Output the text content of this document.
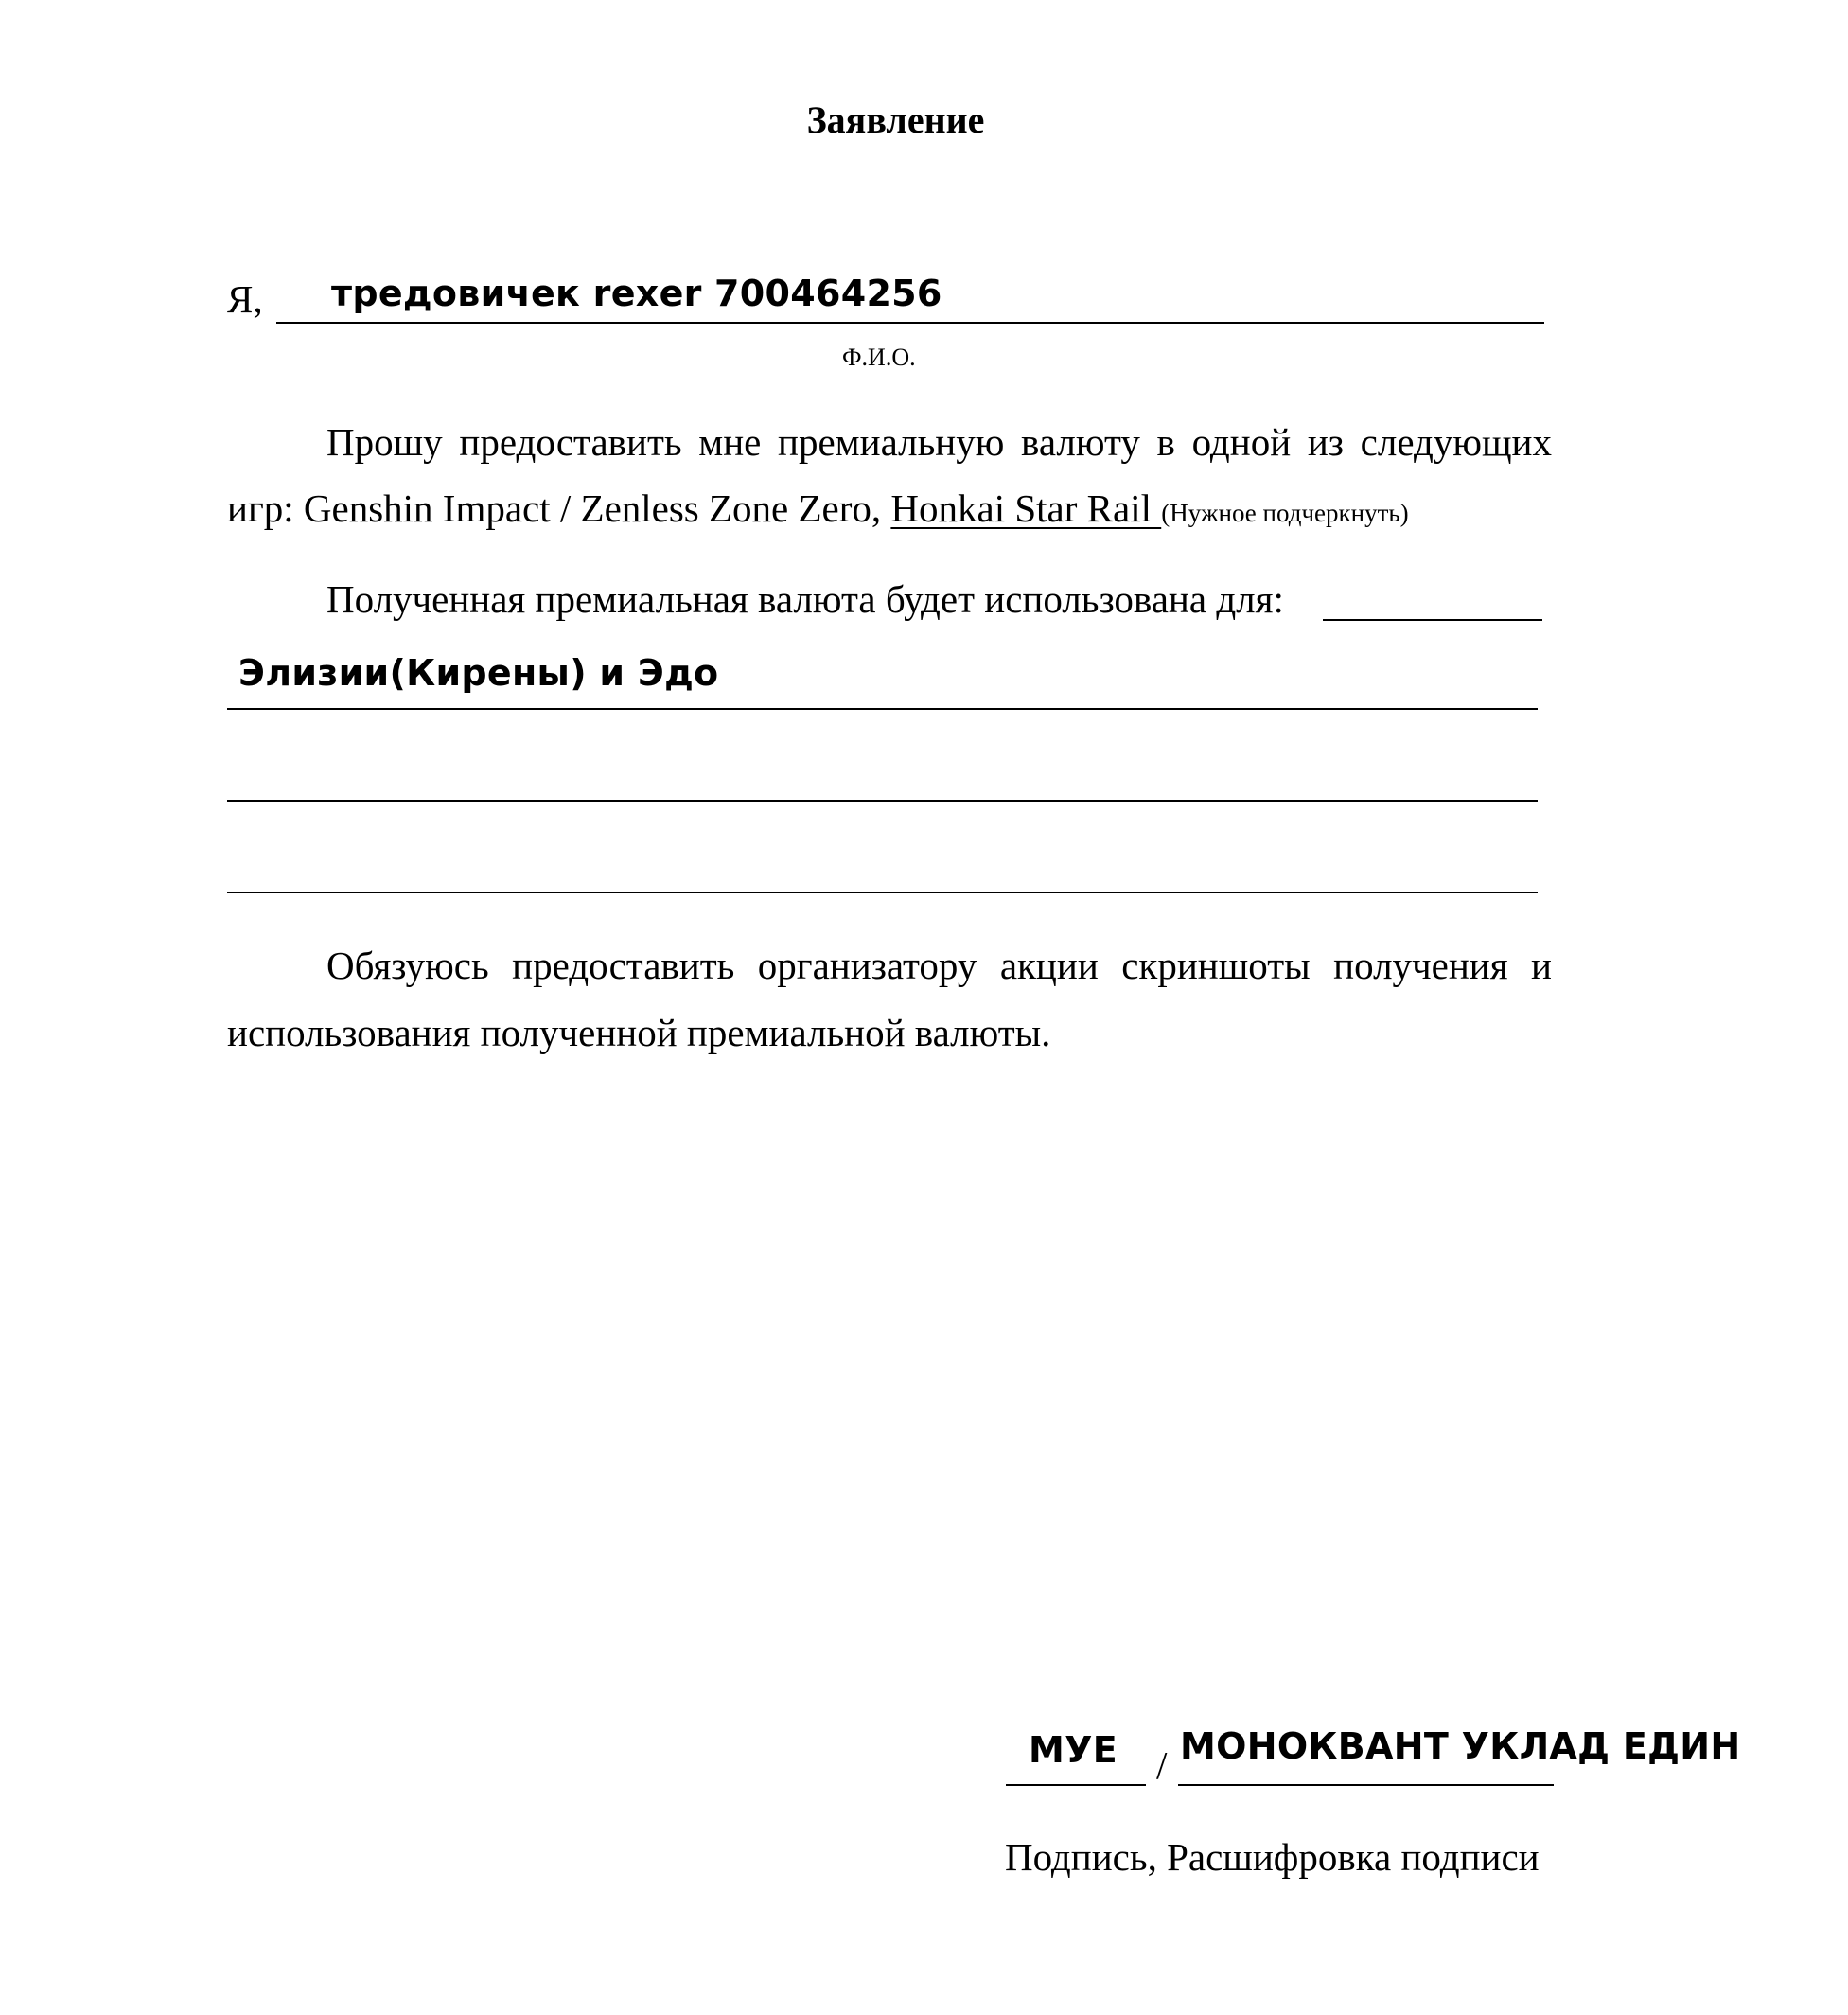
Заявление
Я, тредовичек rexer 700464256
Ф.И.О.
Прошу предоставить мне премиальную валюту в одной из следующих
игр: Genshin Impact / Zenless Zone Zero, Honkai Star Rail (Нужное подчеркнуть)
Полученная премиальная валюта будет использована для:
Элизии(Кирены) и Эдо
Обязуюсь предоставить организатору акции скриншоты получения и
использования полученной премиальной валюты.
МУЕ / МОНОКВАНТ УКЛАД ЕДИН
Подпись, Расшифровка подписи
